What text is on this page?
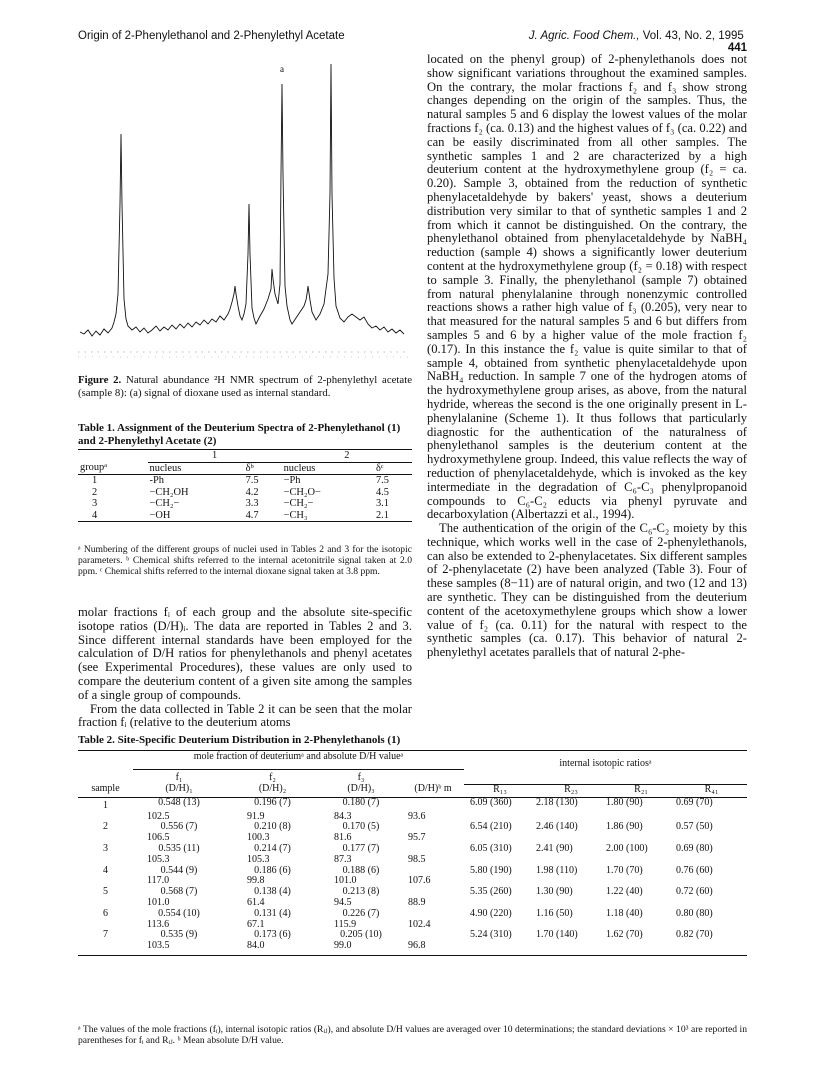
Origin of 2-Phenylethanol and 2-Phenylethyl Acetate	J. Agric. Food Chem., Vol. 43, No. 2, 1995  441
a

Figure 2. Natural abundance ²H NMR spectrum of 2-phenylethyl acetate (sample 8): (a) signal of dioxane used as internal standard.

Table 1. Assignment of the Deuterium Spectra of 2-Phenylethanol (1) and 2-Phenylethyl Acetate (2)

	1		2	
groupᵃ	nucleus	δᵇ	nucleus	δᶜ
1	-Ph	7.5	−Ph	7.5
2	−CH₂OH	4.2	−CH₂O−	4.5
3	−CH₂−	3.3	−CH₂−	3.1
4	−OH	4.7	−CH₃	2.1

ᵃ Numbering of the different groups of nuclei used in Tables 2 and 3 for the isotopic parameters. ᵇ Chemical shifts referred to the internal acetonitrile signal taken at 2.0 ppm. ᶜ Chemical shifts referred to the internal dioxane signal taken at 3.8 ppm.

molar fractions fᵢ of each group and the absolute site-specific isotope ratios (D/H)ᵢ. The data are reported in Tables 2 and 3. Since different internal standards have been employed for the calculation of D/H ratios for phenylethanols and phenyl acetates (see Experimental Procedures), these values are only used to compare the deuterium content of a given site among the samples of a single group of compounds.

From the data collected in Table 2 it can be seen that the molar fraction fᵢ (relative to the deuterium atoms

located on the phenyl group) of 2-phenylethanols does not show significant variations throughout the examined samples. On the contrary, the molar fractions f₂ and f₃ show strong changes depending on the origin of the samples. Thus, the natural samples 5 and 6 display the lowest values of the molar fractions f₂ (ca. 0.13) and the highest values of f₃ (ca. 0.22) and can be easily discriminated from all other samples. The synthetic samples 1 and 2 are characterized by a high deuterium content at the hydroxymethylene group (f₂ = ca. 0.20). Sample 3, obtained from the reduction of synthetic phenylacetaldehyde by bakers' yeast, shows a deuterium distribution very similar to that of synthetic samples 1 and 2 from which it cannot be distinguished. On the contrary, the phenylethanol obtained from phenylacetaldehyde by NaBH₄ reduction (sample 4) shows a significantly lower deuterium content at the hydroxymethylene group (f₂ = 0.18) with respect to sample 3. Finally, the phenylethanol (sample 7) obtained from natural phenylalanine through nonenzymic controlled reactions shows a rather high value of f₃ (0.205), very near to that measured for the natural samples 5 and 6 but differs from samples 5 and 6 by a higher value of the mole fraction f₂ (0.17). In this instance the f₂ value is quite similar to that of sample 4, obtained from synthetic phenylacetaldehyde upon NaBH₄ reduction. In sample 7 one of the hydrogen atoms of the hydroxymethylene group arises, as above, from the natural hydride, whereas the second is the one originally present in L-phenylalanine (Scheme 1). It thus follows that particularly diagnostic for the authentication of the naturalness of phenylethanol samples is the deuterium content at the hydroxymethylene group. Indeed, this value reflects the way of reduction of phenylacetaldehyde, which is invoked as the key intermediate in the degradation of C₆-C₃ phenylpropanoid compounds to C₆-C₂ educts via phenyl pyruvate and decarboxylation (Albertazzi et al., 1994).

The authentication of the origin of the C₆-C₂ moiety by this technique, which works well in the case of 2-phenylethanols, can also be extended to 2-phenylacetates. Six different samples of 2-phenylacetate (2) have been analyzed (Table 3). Four of these samples (8−11) are of natural origin, and two (12 and 13) are synthetic. They can be distinguished from the deuterium content of the acetoxymethylene groups which show a lower value of f₂ (ca. 0.11) for the natural with respect to the synthetic samples (ca. 0.17). This behavior of natural 2-phenylethyl acetates parallels that of natural 2-phe-

Table 2. Site-Specific Deuterium Distribution in 2-Phenylethanols (1)

	mole fraction of deuteriumᵃ and absolute D/H valueᵃ				internal isotopic ratiosᵃ			

	f₁	f₂	f₃					

sample	(D/H)₁	(D/H)₂	(D/H)₃	(D/H)ᵇ m	R₁₃	R₂₃	R₂₁	R₄₁
1	0.548 (13)	0.196 (7)	0.180 (7)		6.09 (360)	2.18 (130)	1.80 (90)	0.69 (70)
	102.5	91.9	84.3	93.6				
2	0.556 (7)	0.210 (8)	0.170 (5)		6.54 (210)	2.46 (140)	1.86 (90)	0.57 (50)
	106.5	100.3	81.6	95.7				
3	0.535 (11)	0.214 (7)	0.177 (7)		6.05 (310)	2.41 (90)	2.00 (100)	0.69 (80)
	105.3	105.3	87.3	98.5				
4	0.544 (9)	0.186 (6)	0.188 (6)		5.80 (190)	1.98 (110)	1.70 (70)	0.76 (60)
	117.0	99.8	101.0	107.6				
5	0.568 (7)	0.138 (4)	0.213 (8)		5.35 (260)	1.30 (90)	1.22 (40)	0.72 (60)
	101.0	61.4	94.5	88.9				
6	0.554 (10)	0.131 (4)	0.226 (7)		4.90 (220)	1.16 (50)	1.18 (40)	0.80 (80)
	113.6	67.1	115.9	102.4				
7	0.535 (9)	0.173 (6)	0.205 (10)		5.24 (310)	1.70 (140)	1.62 (70)	0.82 (70)
	103.5	84.0	99.0	96.8				

ᵃ The values of the mole fractions (fᵢ), internal isotopic ratios (Rᵢⱼ), and absolute D/H values are averaged over 10 determinations; the standard deviations × 10³ are reported in parentheses for fᵢ and Rᵢⱼ. ᵇ Mean absolute D/H value.
